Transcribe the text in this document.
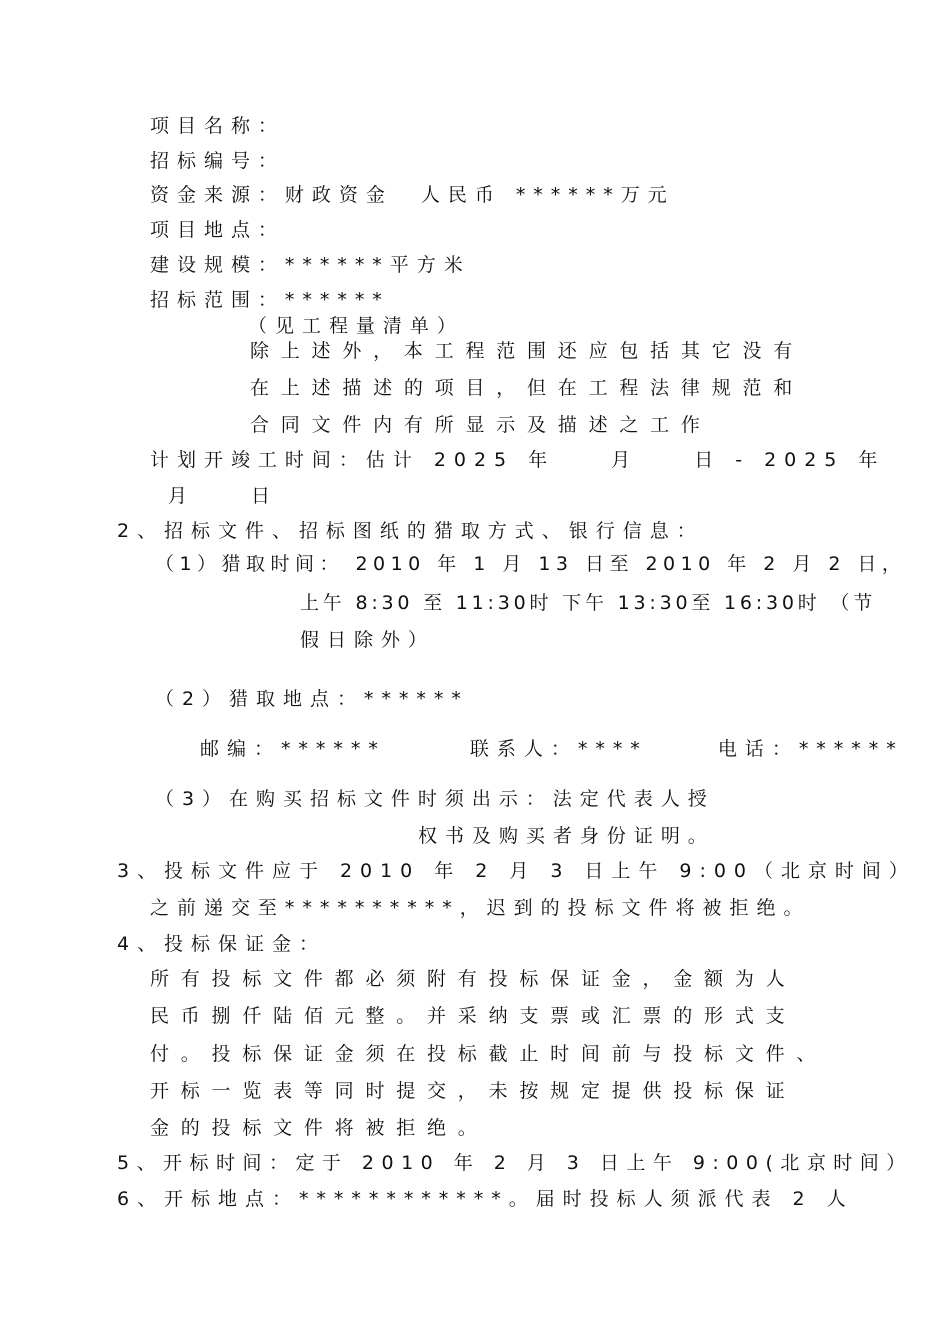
项目名称：
招标编号：
资金来源：财政资金  人民币 ******万元
项目地点：
建设规模：******平方米
招标范围：******
（见工程量清单）
除上述外，本工程范围还应包括其它没有
在上述描述的项目，但在工程法律规范和
合同文件内有所显示及描述之工作
计划开竣工时间：估计 2025 年    月    日 - 2025 年
月    日
2、招标文件、招标图纸的猎取方式、银行信息：
（1）猎取时间： 2010 年 1 月 13 日至 2010 年 2 月 2 日，
上午 8:30 至 11:30时 下午 13:30至 16:30时 （节
假日除外）
（2）猎取地点：******
邮编：******      联系人：****     电话：******
（3）在购买招标文件时须出示：法定代表人授
权书及购买者身份证明。
3、投标文件应于 2010 年 2 月 3 日上午 9:00（北京时间）
之前递交至**********，迟到的投标文件将被拒绝。
4、投标保证金：
所有投标文件都必须附有投标保证金，金额为人
民币捌仟陆佰元整。并采纳支票或汇票的形式支
付。投标保证金须在投标截止时间前与投标文件、
开标一览表等同时提交，未按规定提供投标保证
金的投标文件将被拒绝。
5、开标时间：定于 2010 年 2 月 3 日上午 9:00(北京时间）
6、开标地点：************。届时投标人须派代表 2 人
